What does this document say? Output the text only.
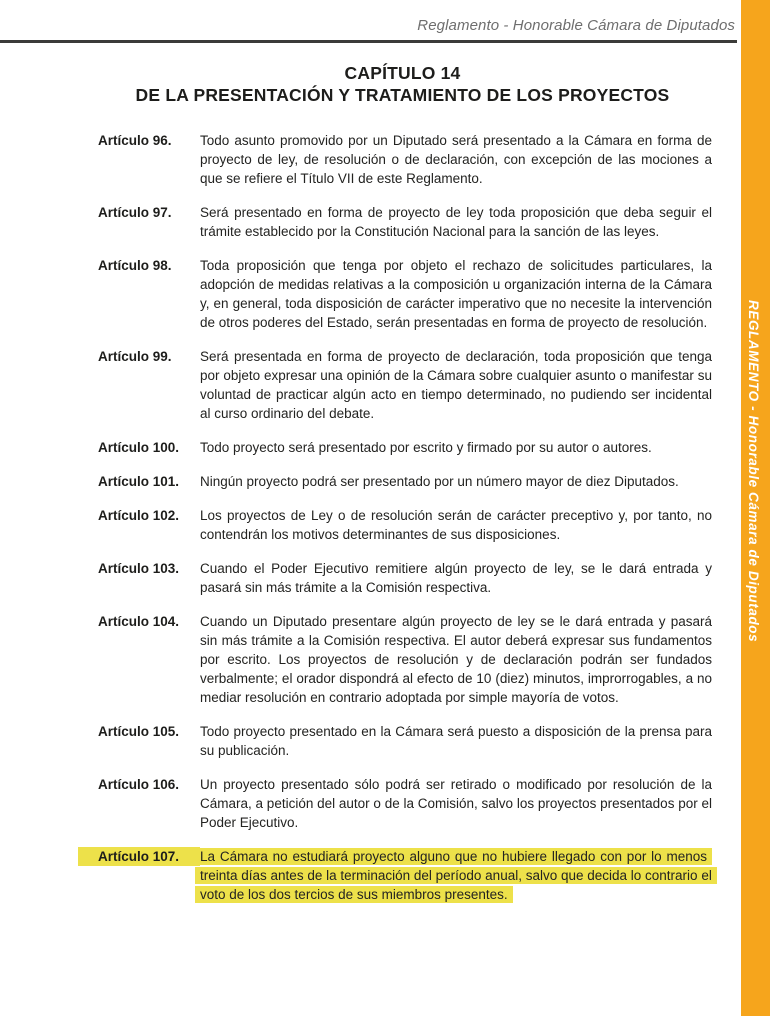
Reglamento - Honorable Cámara de Diputados
CAPÍTULO 14
DE LA PRESENTACIÓN Y TRATAMIENTO DE LOS PROYECTOS
Artículo 96.	Todo asunto promovido por un Diputado será presentado a la Cámara en forma de proyecto de ley, de resolución o de declaración, con excepción de las mociones a que se refiere el Título VII de este Reglamento.
Artículo 97.	Será presentado en forma de proyecto de ley toda proposición que deba seguir el trámite establecido por la Constitución Nacional para la sanción de las leyes.
Artículo 98.	Toda proposición que tenga por objeto el rechazo de solicitudes particulares, la adopción de medidas relativas a la composición u organización interna de la Cámara y, en general, toda disposición de carácter imperativo que no necesite la intervención de otros poderes del Estado, serán presentadas en forma de proyecto de resolución.
Artículo 99.	Será presentada en forma de proyecto de declaración, toda proposición que tenga por objeto expresar una opinión de la Cámara sobre cualquier asunto o manifestar su voluntad de practicar algún acto en tiempo determinado, no pudiendo ser incidental al curso ordinario del debate.
Artículo 100.	Todo proyecto será presentado por escrito y firmado por su autor o autores.
Artículo 101.	Ningún proyecto podrá ser presentado por un número mayor de diez Diputados.
Artículo 102.	Los proyectos de Ley o de resolución serán de carácter preceptivo y, por tanto, no contendrán los motivos determinantes de sus disposiciones.
Artículo 103.	Cuando el Poder Ejecutivo remitiere algún proyecto de ley, se le dará entrada y pasará sin más trámite a la Comisión respectiva.
Artículo 104.	Cuando un Diputado presentare algún proyecto de ley se le dará entrada y pasará sin más trámite a la Comisión respectiva. El autor deberá expresar sus fundamentos por escrito. Los proyectos de resolución y de declaración podrán ser fundados verbalmente; el orador dispondrá al efecto de 10 (diez) minutos, improrrogables, a no mediar resolución en contrario adoptada por simple mayoría de votos.
Artículo 105.	Todo proyecto presentado en la Cámara será puesto a disposición de la prensa para su publicación.
Artículo 106.	Un proyecto presentado sólo podrá ser retirado o modificado por resolución de la Cámara, a petición del autor o de la Comisión, salvo los proyectos presentados por el Poder Ejecutivo.
Artículo 107.	La Cámara no estudiará proyecto alguno que no hubiere llegado con por lo menos treinta días antes de la terminación del período anual, salvo que decida lo contrario el voto de los dos tercios de sus miembros presentes.
REGLAMENTO - Honorable Cámara de Diputados
